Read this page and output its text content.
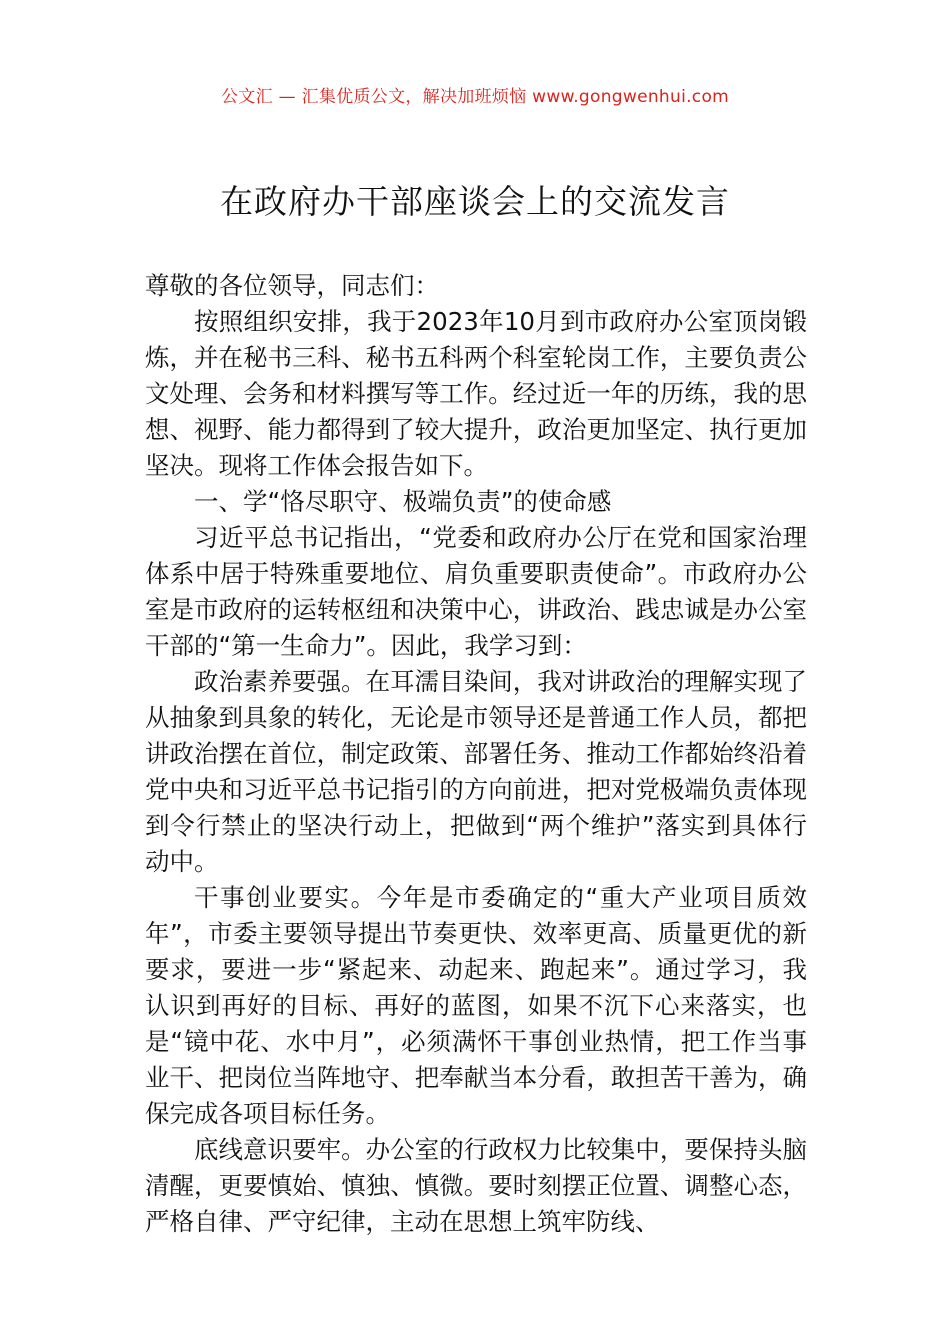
公文汇 — 汇集优质公文，解决加班烦恼 www.gongwenhui.com
在政府办干部座谈会上的交流发言

尊敬的各位领导，同志们：

按照组织安排，我于2023年10月到市政府办公室顶岗锻炼，并在秘书三科、秘书五科两个科室轮岗工作，主要负责公文处理、会务和材料撰写等工作。经过近一年的历练，我的思想、视野、能力都得到了较大提升，政治更加坚定、执行更加坚决。现将工作体会报告如下。

一、学“恪尽职守、极端负责”的使命感

习近平总书记指出，“党委和政府办公厅在党和国家治理体系中居于特殊重要地位、肩负重要职责使命”。市政府办公室是市政府的运转枢纽和决策中心，讲政治、践忠诚是办公室干部的“第一生命力”。因此，我学习到：

政治素养要强。在耳濡目染间，我对讲政治的理解实现了从抽象到具象的转化，无论是市领导还是普通工作人员，都把讲政治摆在首位，制定政策、部署任务、推动工作都始终沿着党中央和习近平总书记指引的方向前进，把对党极端负责体现到令行禁止的坚决行动上，把做到“两个维护”落实到具体行动中。

干事创业要实。今年是市委确定的“重大产业项目质效年”，市委主要领导提出节奏更快、效率更高、质量更优的新要求，要进一步“紧起来、动起来、跑起来”。通过学习，我认识到再好的目标、再好的蓝图，如果不沉下心来落实，也是“镜中花、水中月”，必须满怀干事创业热情，把工作当事业干、把岗位当阵地守、把奉献当本分看，敢担苦干善为，确保完成各项目标任务。

底线意识要牢。办公室的行政权力比较集中，要保持头脑清醒，更要慎始、慎独、慎微。要时刻摆正位置、调整心态，严格自律、严守纪律，主动在思想上筑牢防线、
